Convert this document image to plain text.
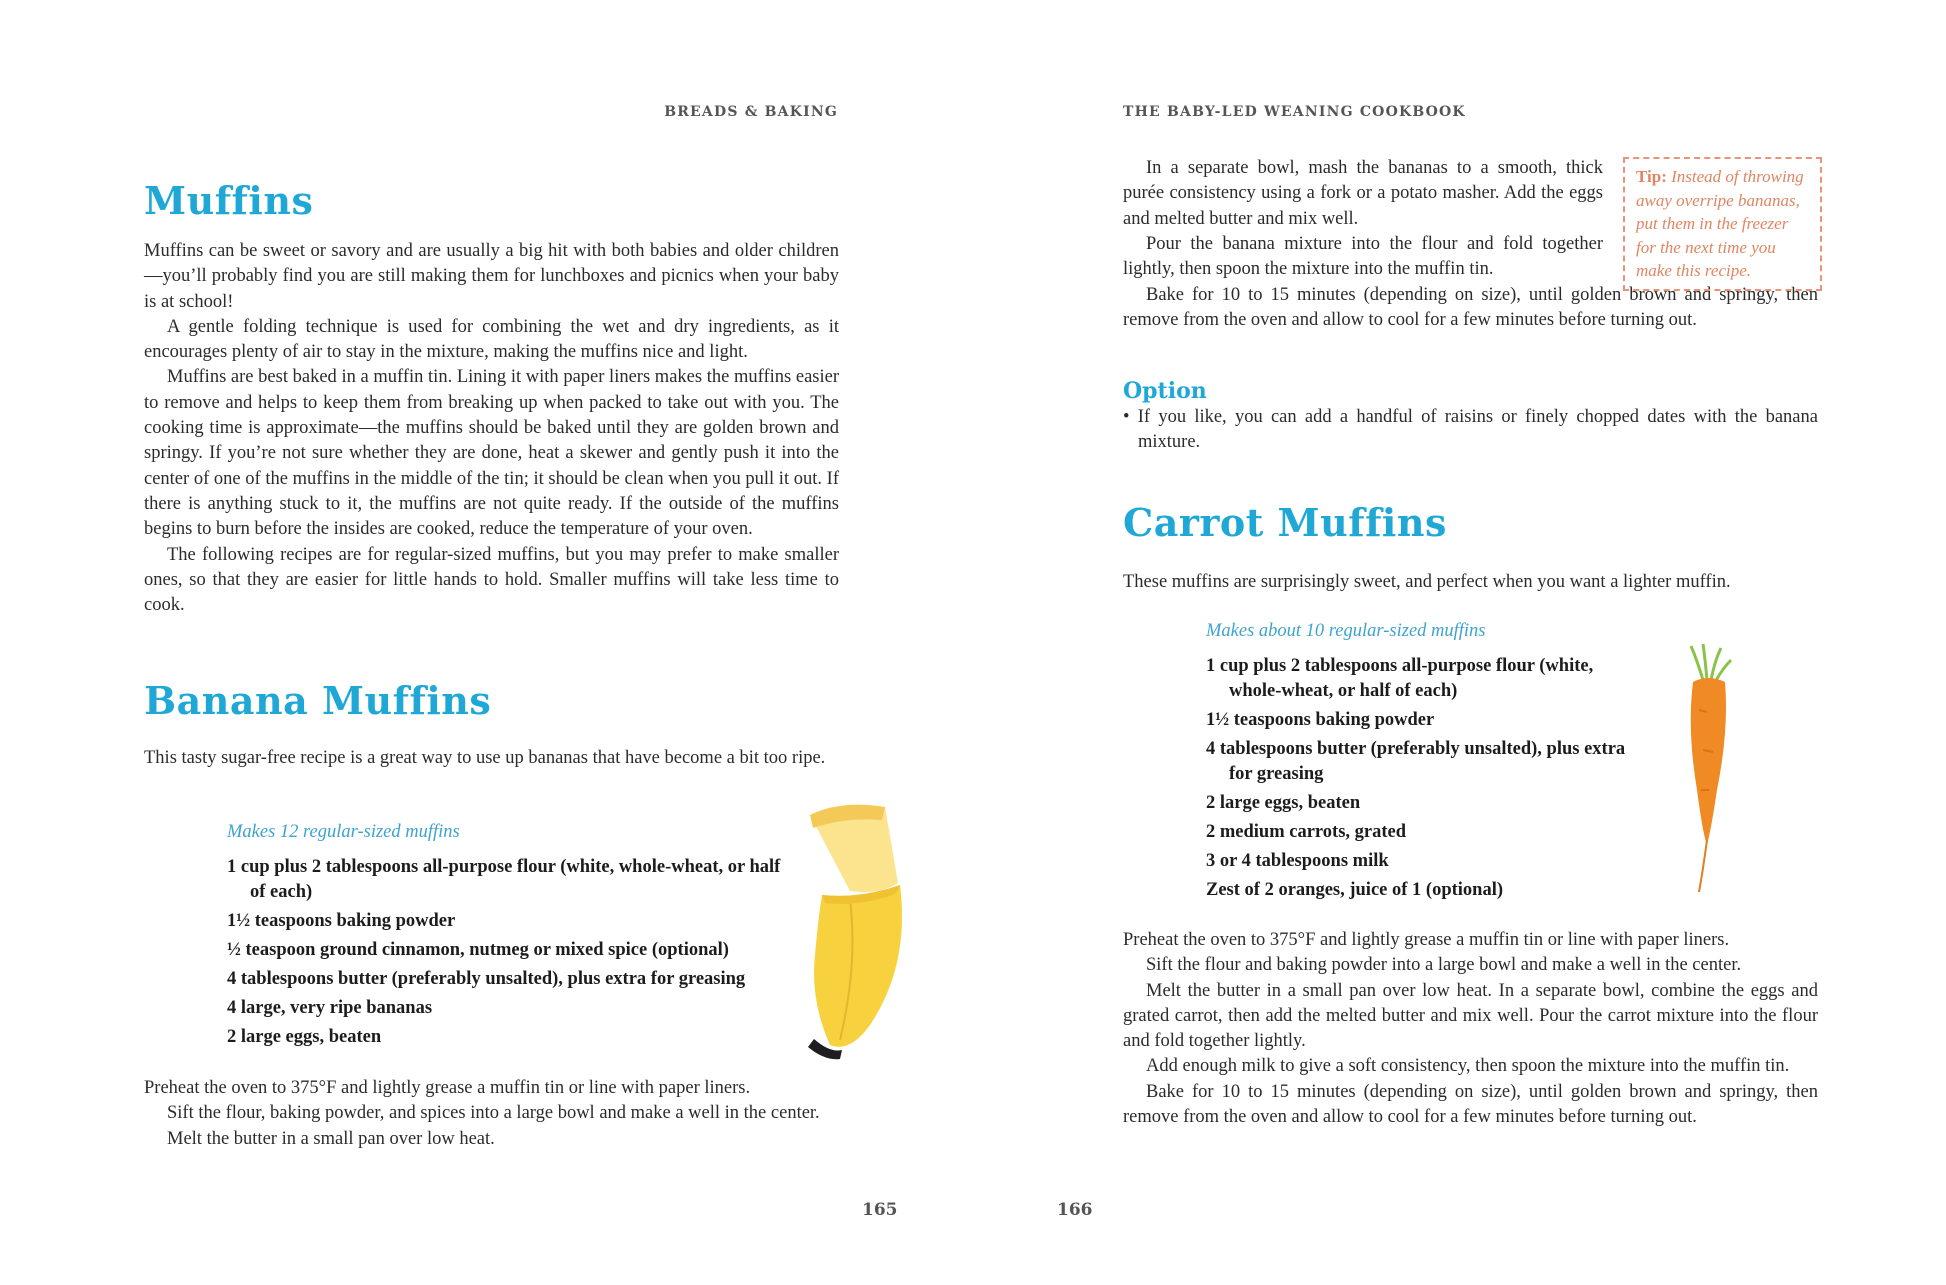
BREADS & BAKING
Muffins

Muffins can be sweet or savory and are usually a big hit with both babies and older children—you’ll probably find you are still making them for lunchboxes and picnics when your baby is at school!

A gentle folding technique is used for combining the wet and dry ingredients, as it encourages plenty of air to stay in the mixture, making the muffins nice and light.

Muffins are best baked in a muffin tin. Lining it with paper liners makes the muffins easier to remove and helps to keep them from breaking up when packed to take out with you. The cooking time is approximate—the muffins should be baked until they are golden brown and springy. If you’re not sure whether they are done, heat a skewer and gently push it into the center of one of the muffins in the middle of the tin; it should be clean when you pull it out. If there is anything stuck to it, the muffins are not quite ready. If the outside of the muffins begins to burn before the insides are cooked, reduce the temperature of your oven.

The following recipes are for regular-sized muffins, but you may prefer to make smaller ones, so that they are easier for little hands to hold. Smaller muffins will take less time to cook.

Banana Muffins

This tasty sugar-free recipe is a great way to use up bananas that have become a bit too ripe.

Makes 12 regular-sized muffins
1 cup plus 2 tablespoons all-purpose flour (white, whole-wheat, or half of each)
1½ teaspoons baking powder
½ teaspoon ground cinnamon, nutmeg or mixed spice (optional)
4 tablespoons butter (preferably unsalted), plus extra for greasing
4 large, very ripe bananas
2 large eggs, beaten

Preheat the oven to 375°F and lightly grease a muffin tin or line with paper liners.

Sift the flour, baking powder, and spices into a large bowl and make a well in the center.

Melt the butter in a small pan over low heat.

165
THE BABY-LED WEANING COOKBOOK

In a separate bowl, mash the bananas to a smooth, thick purée consistency using a fork or a potato masher. Add the eggs and melted butter and mix well.

Pour the banana mixture into the flour and fold together lightly, then spoon the mixture into the muffin tin.

Bake for 10 to 15 minutes (depending on size), until golden brown and springy, then remove from the oven and allow to cool for a few minutes before turning out.

Tip: Instead of throwing away overripe bananas, put them in the freezer for the next time you make this recipe.
Option
• If you like, you can add a handful of raisins or finely chopped dates with the banana mixture.
Carrot Muffins

These muffins are surprisingly sweet, and perfect when you want a lighter muffin.

Makes about 10 regular-sized muffins
1 cup plus 2 tablespoons all-purpose flour (white, whole-wheat, or half of each)
1½ teaspoons baking powder
4 tablespoons butter (preferably unsalted), plus extra for greasing
2 large eggs, beaten
2 medium carrots, grated
3 or 4 tablespoons milk
Zest of 2 oranges, juice of 1 (optional)

Preheat the oven to 375°F and lightly grease a muffin tin or line with paper liners.

Sift the flour and baking powder into a large bowl and make a well in the center.

Melt the butter in a small pan over low heat. In a separate bowl, combine the eggs and grated carrot, then add the melted butter and mix well. Pour the carrot mixture into the flour and fold together lightly.

Add enough milk to give a soft consistency, then spoon the mixture into the muffin tin.

Bake for 10 to 15 minutes (depending on size), until golden brown and springy, then remove from the oven and allow to cool for a few minutes before turning out.

166
